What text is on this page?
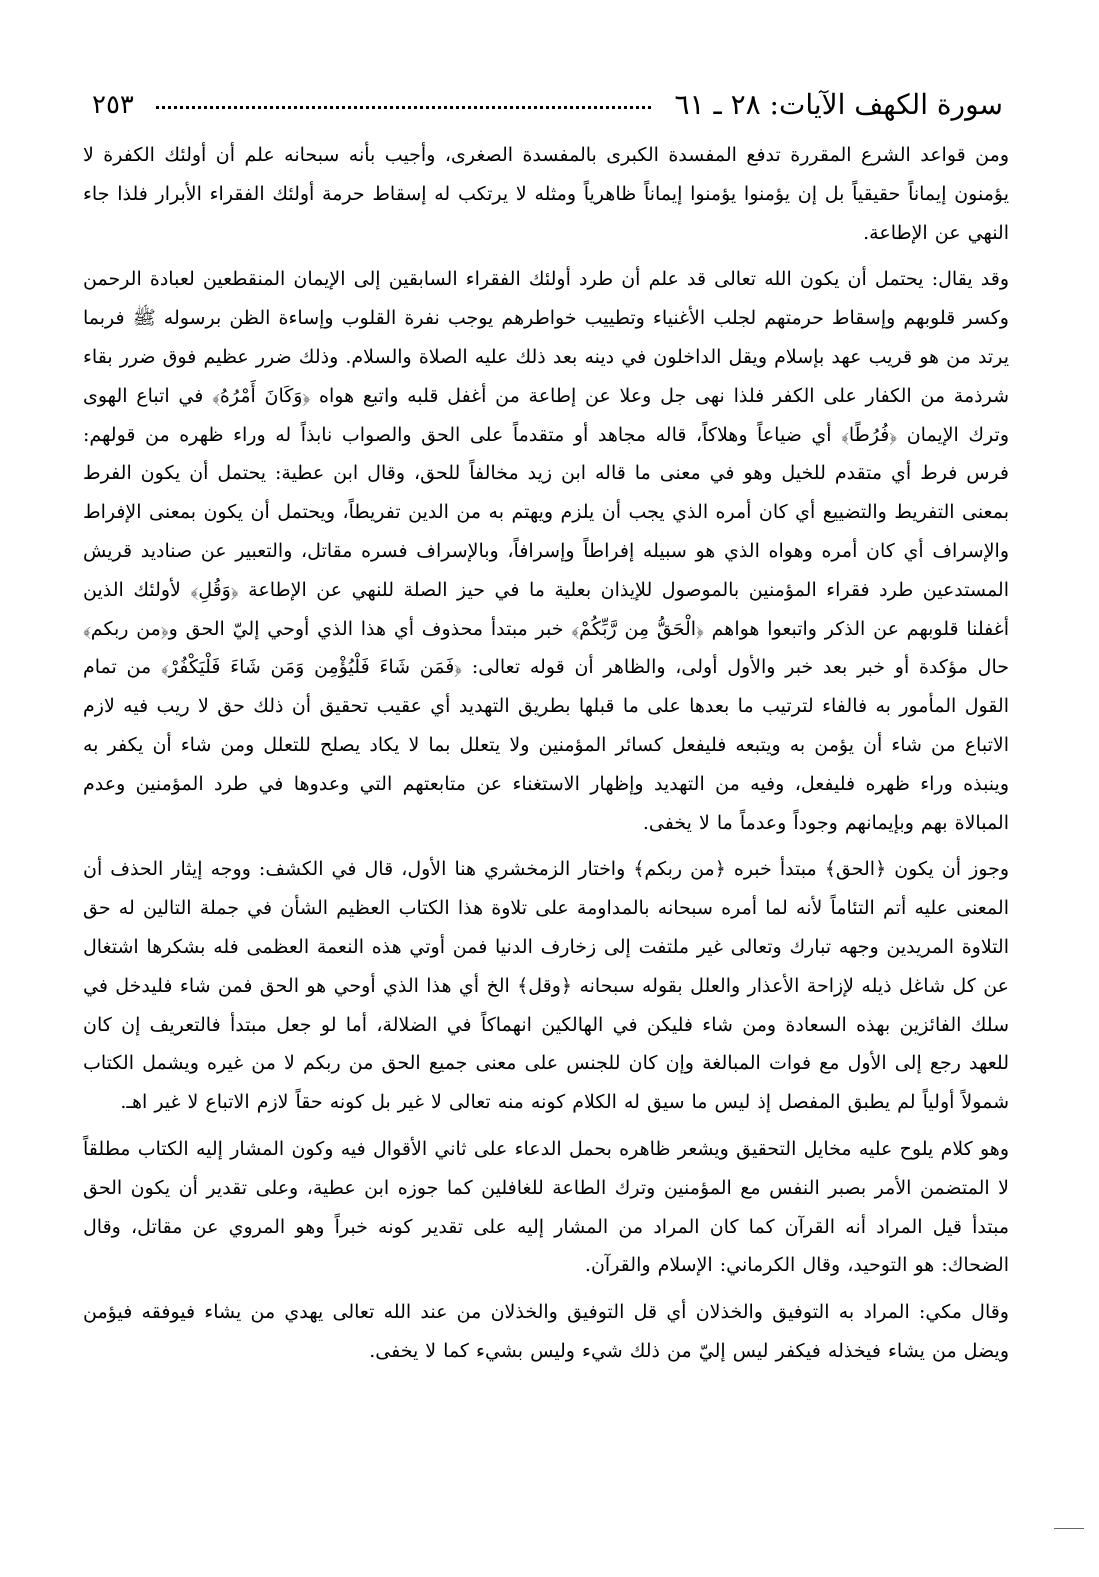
سورة الكهف الآيات: ٢٨ ـ ٦١
٢٥٣

ومن قواعد الشرع المقررة تدفع المفسدة الكبرى بالمفسدة الصغرى، وأجيب بأنه سبحانه علم أن أولئك الكفرة لا يؤمنون إيماناً حقيقياً بل إن يؤمنوا يؤمنوا إيماناً ظاهرياً ومثله لا يرتكب له إسقاط حرمة أولئك الفقراء الأبرار فلذا جاء النهي عن الإطاعة.

وقد يقال: يحتمل أن يكون الله تعالى قد علم أن طرد أولئك الفقراء السابقين إلى الإيمان المنقطعين لعبادة الرحمن وكسر قلوبهم وإسقاط حرمتهم لجلب الأغنياء وتطييب خواطرهم يوجب نفرة القلوب وإساءة الظن برسوله ﷺ فربما يرتد من هو قريب عهد بإسلام ويقل الداخلون في دينه بعد ذلك عليه الصلاة والسلام. وذلك ضرر عظيم فوق ضرر بقاء شرذمة من الكفار على الكفر فلذا نهى جل وعلا عن إطاعة من أغفل قلبه واتبع هواه ﴿وَكَانَ أَمْرُهُ﴾ في اتباع الهوى وترك الإيمان ﴿فُرُطًا﴾ أي ضياعاً وهلاكاً، قاله مجاهد أو متقدماً على الحق والصواب نابذاً له وراء ظهره من قولهم: فرس فرط أي متقدم للخيل وهو في معنى ما قاله ابن زيد مخالفاً للحق، وقال ابن عطية: يحتمل أن يكون الفرط بمعنى التفريط والتضييع أي كان أمره الذي يجب أن يلزم ويهتم به من الدين تفريطاً، ويحتمل أن يكون بمعنى الإفراط والإسراف أي كان أمره وهواه الذي هو سبيله إفراطاً وإسرافاً، وبالإسراف فسره مقاتل، والتعبير عن صناديد قريش المستدعين طرد فقراء المؤمنين بالموصول للإيذان بعلية ما في حيز الصلة للنهي عن الإطاعة ﴿وَقُلِ﴾ لأولئك الذين أغفلنا قلوبهم عن الذكر واتبعوا هواهم ﴿الْحَقُّ مِن رَّبِّكُمْ﴾ خبر مبتدأ محذوف أي هذا الذي أوحي إليّ الحق و﴿من ربكم﴾ حال مؤكدة أو خبر بعد خبر والأول أولى، والظاهر أن قوله تعالى: ﴿فَمَن شَاءَ فَلْيُؤْمِن وَمَن شَاءَ فَلْيَكْفُرْ﴾ من تمام القول المأمور به فالفاء لترتيب ما بعدها على ما قبلها بطريق التهديد أي عقيب تحقيق أن ذلك حق لا ريب فيه لازم الاتباع من شاء أن يؤمن به ويتبعه فليفعل كسائر المؤمنين ولا يتعلل بما لا يكاد يصلح للتعلل ومن شاء أن يكفر به وينبذه وراء ظهره فليفعل، وفيه من التهديد وإظهار الاستغناء عن متابعتهم التي وعدوها في طرد المؤمنين وعدم المبالاة بهم وبإيمانهم وجوداً وعدماً ما لا يخفى.

وجوز أن يكون ﴿الحق﴾ مبتدأ خبره ﴿من ربكم﴾ واختار الزمخشري هنا الأول، قال في الكشف: ووجه إيثار الحذف أن المعنى عليه أتم التئاماً لأنه لما أمره سبحانه بالمداومة على تلاوة هذا الكتاب العظيم الشأن في جملة التالين له حق التلاوة المريدين وجهه تبارك وتعالى غير ملتفت إلى زخارف الدنيا فمن أوتي هذه النعمة العظمى فله بشكرها اشتغال عن كل شاغل ذيله لإزاحة الأعذار والعلل بقوله سبحانه ﴿وقل﴾ الخ أي هذا الذي أوحي هو الحق فمن شاء فليدخل في سلك الفائزين بهذه السعادة ومن شاء فليكن في الهالكين انهماكاً في الضلالة، أما لو جعل مبتدأ فالتعريف إن كان للعهد رجع إلى الأول مع فوات المبالغة وإن كان للجنس على معنى جميع الحق من ربكم لا من غيره ويشمل الكتاب شمولاً أولياً لم يطبق المفصل إذ ليس ما سيق له الكلام كونه منه تعالى لا غير بل كونه حقاً لازم الاتباع لا غير اهـ.

وهو كلام يلوح عليه مخايل التحقيق ويشعر ظاهره بحمل الدعاء على ثاني الأقوال فيه وكون المشار إليه الكتاب مطلقاً لا المتضمن الأمر بصبر النفس مع المؤمنين وترك الطاعة للغافلين كما جوزه ابن عطية، وعلى تقدير أن يكون الحق مبتدأ قيل المراد أنه القرآن كما كان المراد من المشار إليه على تقدير كونه خبراً وهو المروي عن مقاتل، وقال الضحاك: هو التوحيد، وقال الكرماني: الإسلام والقرآن.

وقال مكي: المراد به التوفيق والخذلان أي قل التوفيق والخذلان من عند الله تعالى يهدي من يشاء فيوفقه فيؤمن ويضل من يشاء فيخذله فيكفر ليس إليّ من ذلك شيء وليس بشيء كما لا يخفى.
